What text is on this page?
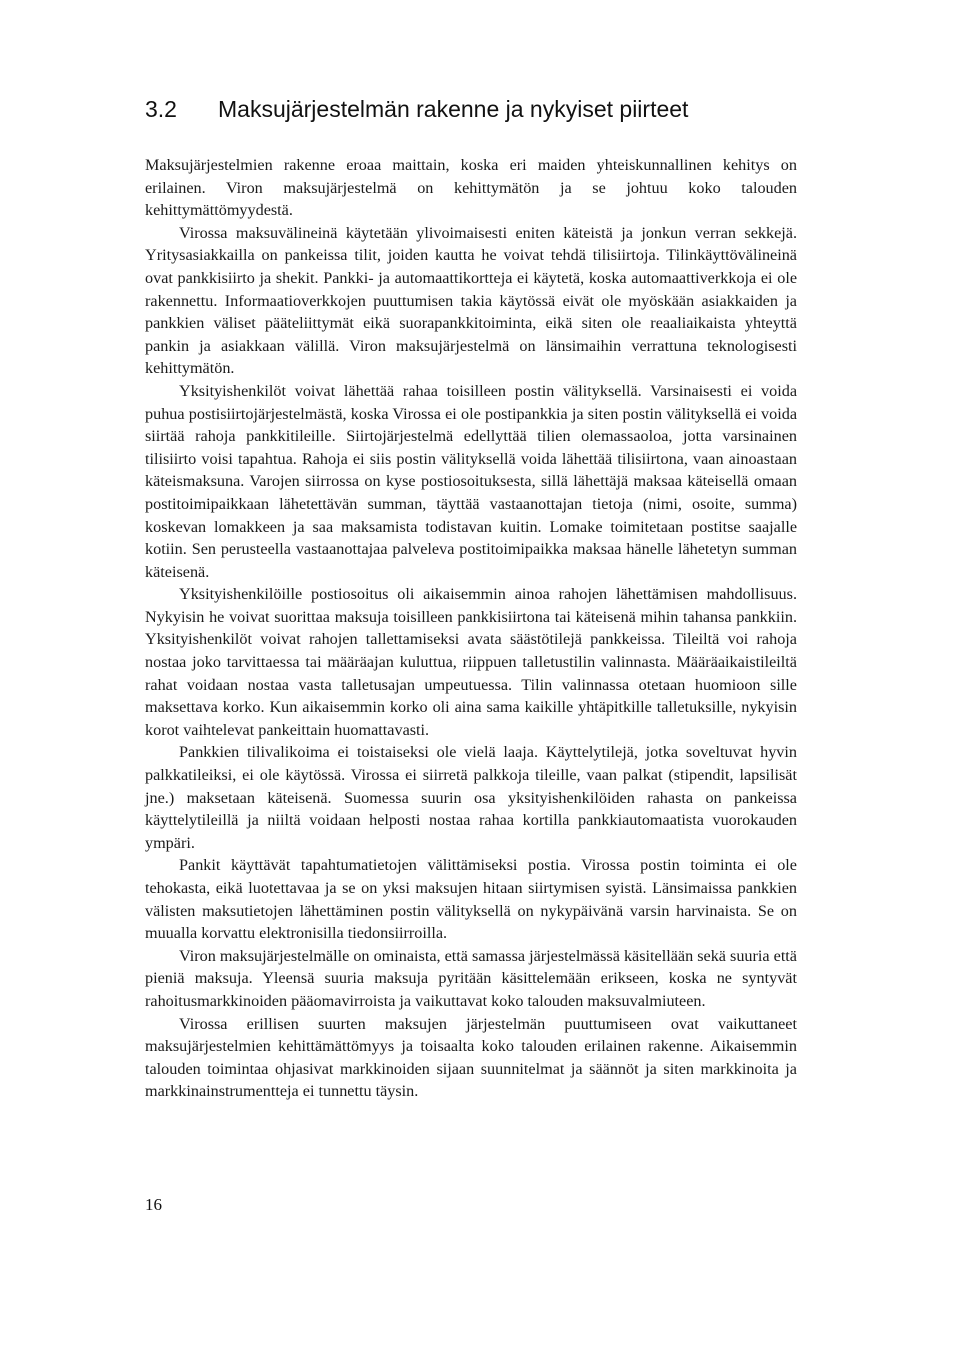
3.2 Maksujärjestelmän rakenne ja nykyiset piirteet

Maksujärjestelmien rakenne eroaa maittain, koska eri maiden yhteiskunnallinen kehitys on erilainen. Viron maksujärjestelmä on kehittymätön ja se johtuu koko talouden kehittymättömyydestä.

Virossa maksuvälineinä käytetään ylivoimaisesti eniten käteistä ja jonkun verran sekkejä. Yritysasiakkailla on pankeissa tilit, joiden kautta he voivat tehdä tilisiirtoja. Tilinkäyttövälineinä ovat pankkisiirto ja shekit. Pankki- ja automaattikortteja ei käytetä, koska automaattiverkkoja ei ole rakennettu. Informaatioverkkojen puuttumisen takia käytössä eivät ole myöskään asiakkaiden ja pankkien väliset pääteliittymät eikä suorapankkitoiminta, eikä siten ole reaaliaikaista yhteyttä pankin ja asiakkaan välillä. Viron maksujärjestelmä on länsimaihin verrattuna teknologisesti kehittymätön.

Yksityishenkilöt voivat lähettää rahaa toisilleen postin välityksellä. Varsinaisesti ei voida puhua postisiirtojärjestelmästä, koska Virossa ei ole postipankkia ja siten postin välityksellä ei voida siirtää rahoja pankkitileille. Siirtojärjestelmä edellyttää tilien olemassaoloa, jotta varsinainen tilisiirto voisi tapahtua. Rahoja ei siis postin välityksellä voida lähettää tilisiirtona, vaan ainoastaan käteismaksuna. Varojen siirrossa on kyse postiosoituksesta, sillä lähettäjä maksaa käteisellä omaan postitoimipaikkaan lähetettävän summan, täyttää vastaanottajan tietoja (nimi, osoite, summa) koskevan lomakkeen ja saa maksamista todistavan kuitin. Lomake toimitetaan postitse saajalle kotiin. Sen perusteella vastaanottajaa palveleva postitoimipaikka maksaa hänelle lähetetyn summan käteisenä.

Yksityishenkilöille postiosoitus oli aikaisemmin ainoa rahojen lähettämisen mahdollisuus. Nykyisin he voivat suorittaa maksuja toisilleen pankkisiirtona tai käteisenä mihin tahansa pankkiin. Yksityishenkilöt voivat rahojen tallettamiseksi avata säästötilejä pankkeissa. Tileiltä voi rahoja nostaa joko tarvittaessa tai määräajan kuluttua, riippuen talletustilin valinnasta. Määräaikaistileiltä rahat voidaan nostaa vasta talletusajan umpeutuessa. Tilin valinnassa otetaan huomioon sille maksettava korko. Kun aikaisemmin korko oli aina sama kaikille yhtäpitkille talletuksille, nykyisin korot vaihtelevat pankeittain huomattavasti.

Pankkien tilivalikoima ei toistaiseksi ole vielä laaja. Käyttelytilejä, jotka soveltuvat hyvin palkkatileiksi, ei ole käytössä. Virossa ei siirretä palkkoja tileille, vaan palkat (stipendit, lapsilisät jne.) maksetaan käteisenä. Suomessa suurin osa yksityishenkilöiden rahasta on pankeissa käyttelytileillä ja niiltä voidaan helposti nostaa rahaa kortilla pankkiautomaatista vuorokauden ympäri.

Pankit käyttävät tapahtumatietojen välittämiseksi postia. Virossa postin toiminta ei ole tehokasta, eikä luotettavaa ja se on yksi maksujen hitaan siirtymisen syistä. Länsimaissa pankkien välisten maksutietojen lähettäminen postin välityksellä on nykypäivänä varsin harvinaista. Se on muualla korvattu elektronisilla tiedonsiirroilla.

Viron maksujärjestelmälle on ominaista, että samassa järjestelmässä käsitellään sekä suuria että pieniä maksuja. Yleensä suuria maksuja pyritään käsittelemään erikseen, koska ne syntyvät rahoitusmarkkinoiden pääomavirroista ja vaikuttavat koko talouden maksuvalmiuteen.

Virossa erillisen suurten maksujen järjestelmän puuttumiseen ovat vaikuttaneet maksujärjestelmien kehittämättömyys ja toisaalta koko talouden erilainen rakenne. Aikaisemmin talouden toimintaa ohjasivat markkinoiden sijaan suunnitelmat ja säännöt ja siten markkinoita ja markkinainstrumentteja ei tunnettu täysin.

16
